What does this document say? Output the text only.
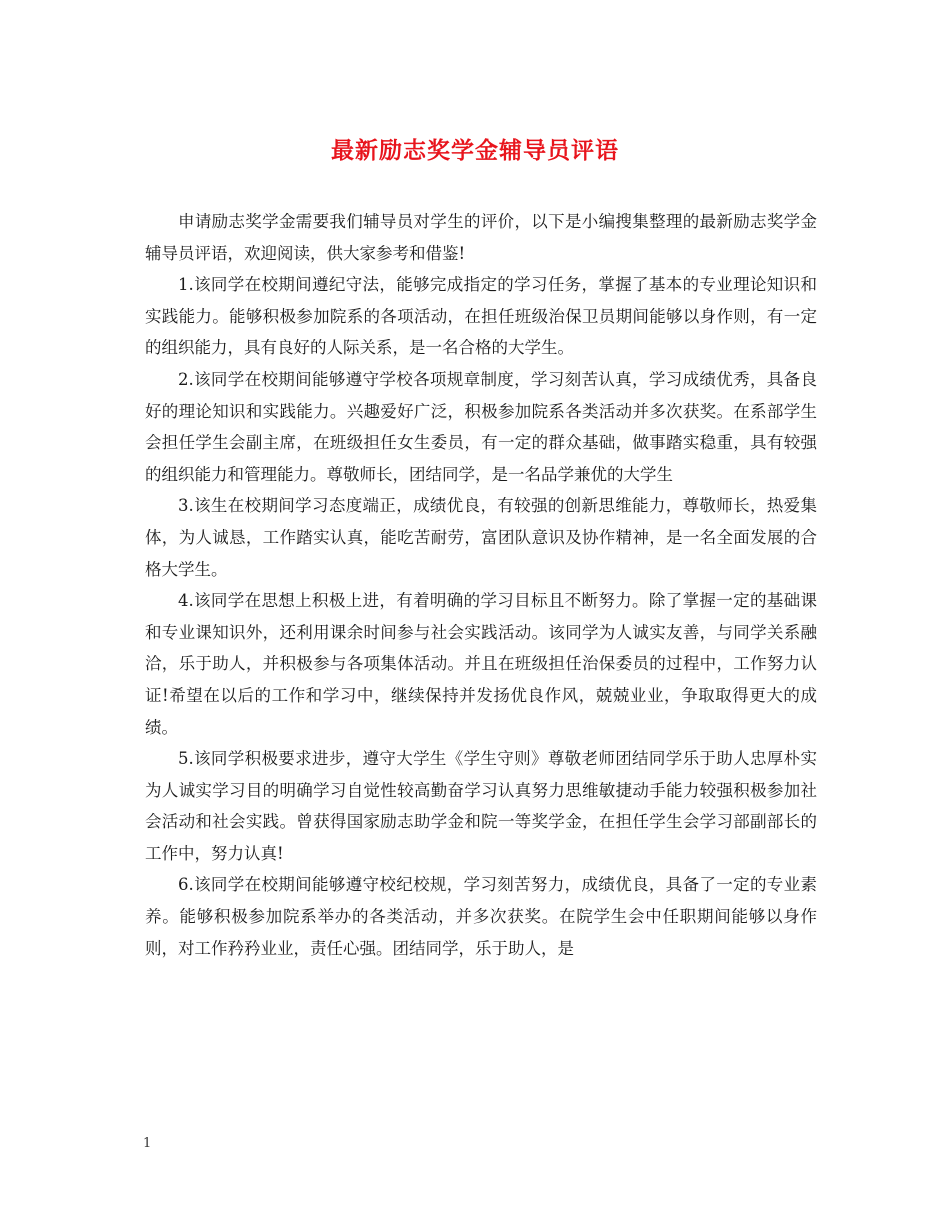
最新励志奖学金辅导员评语

申请励志奖学金需要我们辅导员对学生的评价，以下是小编搜集整理的最新励志奖学金辅导员评语，欢迎阅读，供大家参考和借鉴!

1.该同学在校期间遵纪守法，能够完成指定的学习任务，掌握了基本的专业理论知识和实践能力。能够积极参加院系的各项活动，在担任班级治保卫员期间能够以身作则，有一定的组织能力，具有良好的人际关系，是一名合格的大学生。

2.该同学在校期间能够遵守学校各项规章制度，学习刻苦认真，学习成绩优秀，具备良好的理论知识和实践能力。兴趣爱好广泛，积极参加院系各类活动并多次获奖。在系部学生会担任学生会副主席，在班级担任女生委员，有一定的群众基础，做事踏实稳重，具有较强的组织能力和管理能力。尊敬师长，团结同学，是一名品学兼优的大学生

3.该生在校期间学习态度端正，成绩优良，有较强的创新思维能力，尊敬师长，热爱集体，为人诚恳，工作踏实认真，能吃苦耐劳，富团队意识及协作精神，是一名全面发展的合格大学生。

4.该同学在思想上积极上进，有着明确的学习目标且不断努力。除了掌握一定的基础课和专业课知识外，还利用课余时间参与社会实践活动。该同学为人诚实友善，与同学关系融洽，乐于助人，并积极参与各项集体活动。并且在班级担任治保委员的过程中，工作努力认证!希望在以后的工作和学习中，继续保持并发扬优良作风，兢兢业业，争取取得更大的成绩。

5.该同学积极要求进步，遵守大学生《学生守则》尊敬老师团结同学乐于助人忠厚朴实为人诚实学习目的明确学习自觉性较高勤奋学习认真努力思维敏捷动手能力较强积极参加社会活动和社会实践。曾获得国家励志助学金和院一等奖学金，在担任学生会学习部副部长的工作中，努力认真!

6.该同学在校期间能够遵守校纪校规，学习刻苦努力，成绩优良，具备了一定的专业素养。能够积极参加院系举办的各类活动，并多次获奖。在院学生会中任职期间能够以身作则，对工作矜矜业业，责任心强。团结同学，乐于助人，是

1
